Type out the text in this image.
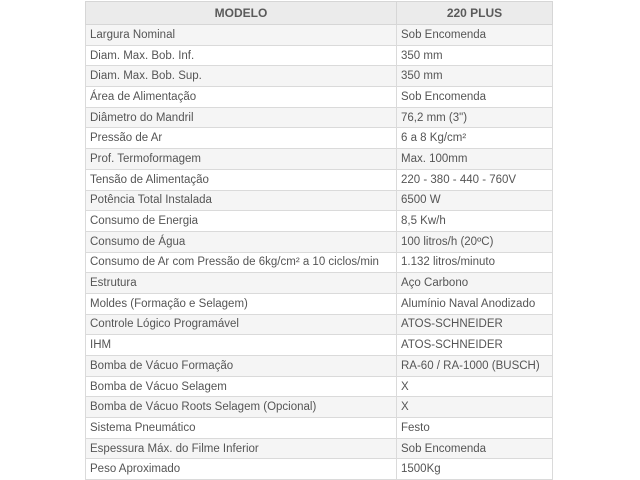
MODELO	220 PLUS
Largura Nominal	Sob Encomenda
Diam. Max. Bob. Inf.	350 mm
Diam. Max. Bob. Sup.	350 mm
Área de Alimentação	Sob Encomenda
Diâmetro do Mandril	76,2 mm (3")
Pressão de Ar	6 a 8 Kg/cm²
Prof. Termoformagem	Max. 100mm
Tensão de Alimentação	220 - 380 - 440 - 760V
Potência Total Instalada	6500 W
Consumo de Energia	8,5 Kw/h
Consumo de Água	100 litros/h (20ºC)
Consumo de Ar com Pressão de 6kg/cm² a 10 ciclos/min	1.132 litros/minuto
Estrutura	Aço Carbono
Moldes (Formação e Selagem)	Alumínio Naval Anodizado
Controle Lógico Programável	ATOS-SCHNEIDER
IHM	ATOS-SCHNEIDER
Bomba de Vácuo Formação	RA-60 / RA-1000 (BUSCH)
Bomba de Vácuo Selagem	X
Bomba de Vácuo Roots Selagem (Opcional)	X
Sistema Pneumático	Festo
Espessura Máx. do Filme Inferior	Sob Encomenda
Peso Aproximado	1500Kg
